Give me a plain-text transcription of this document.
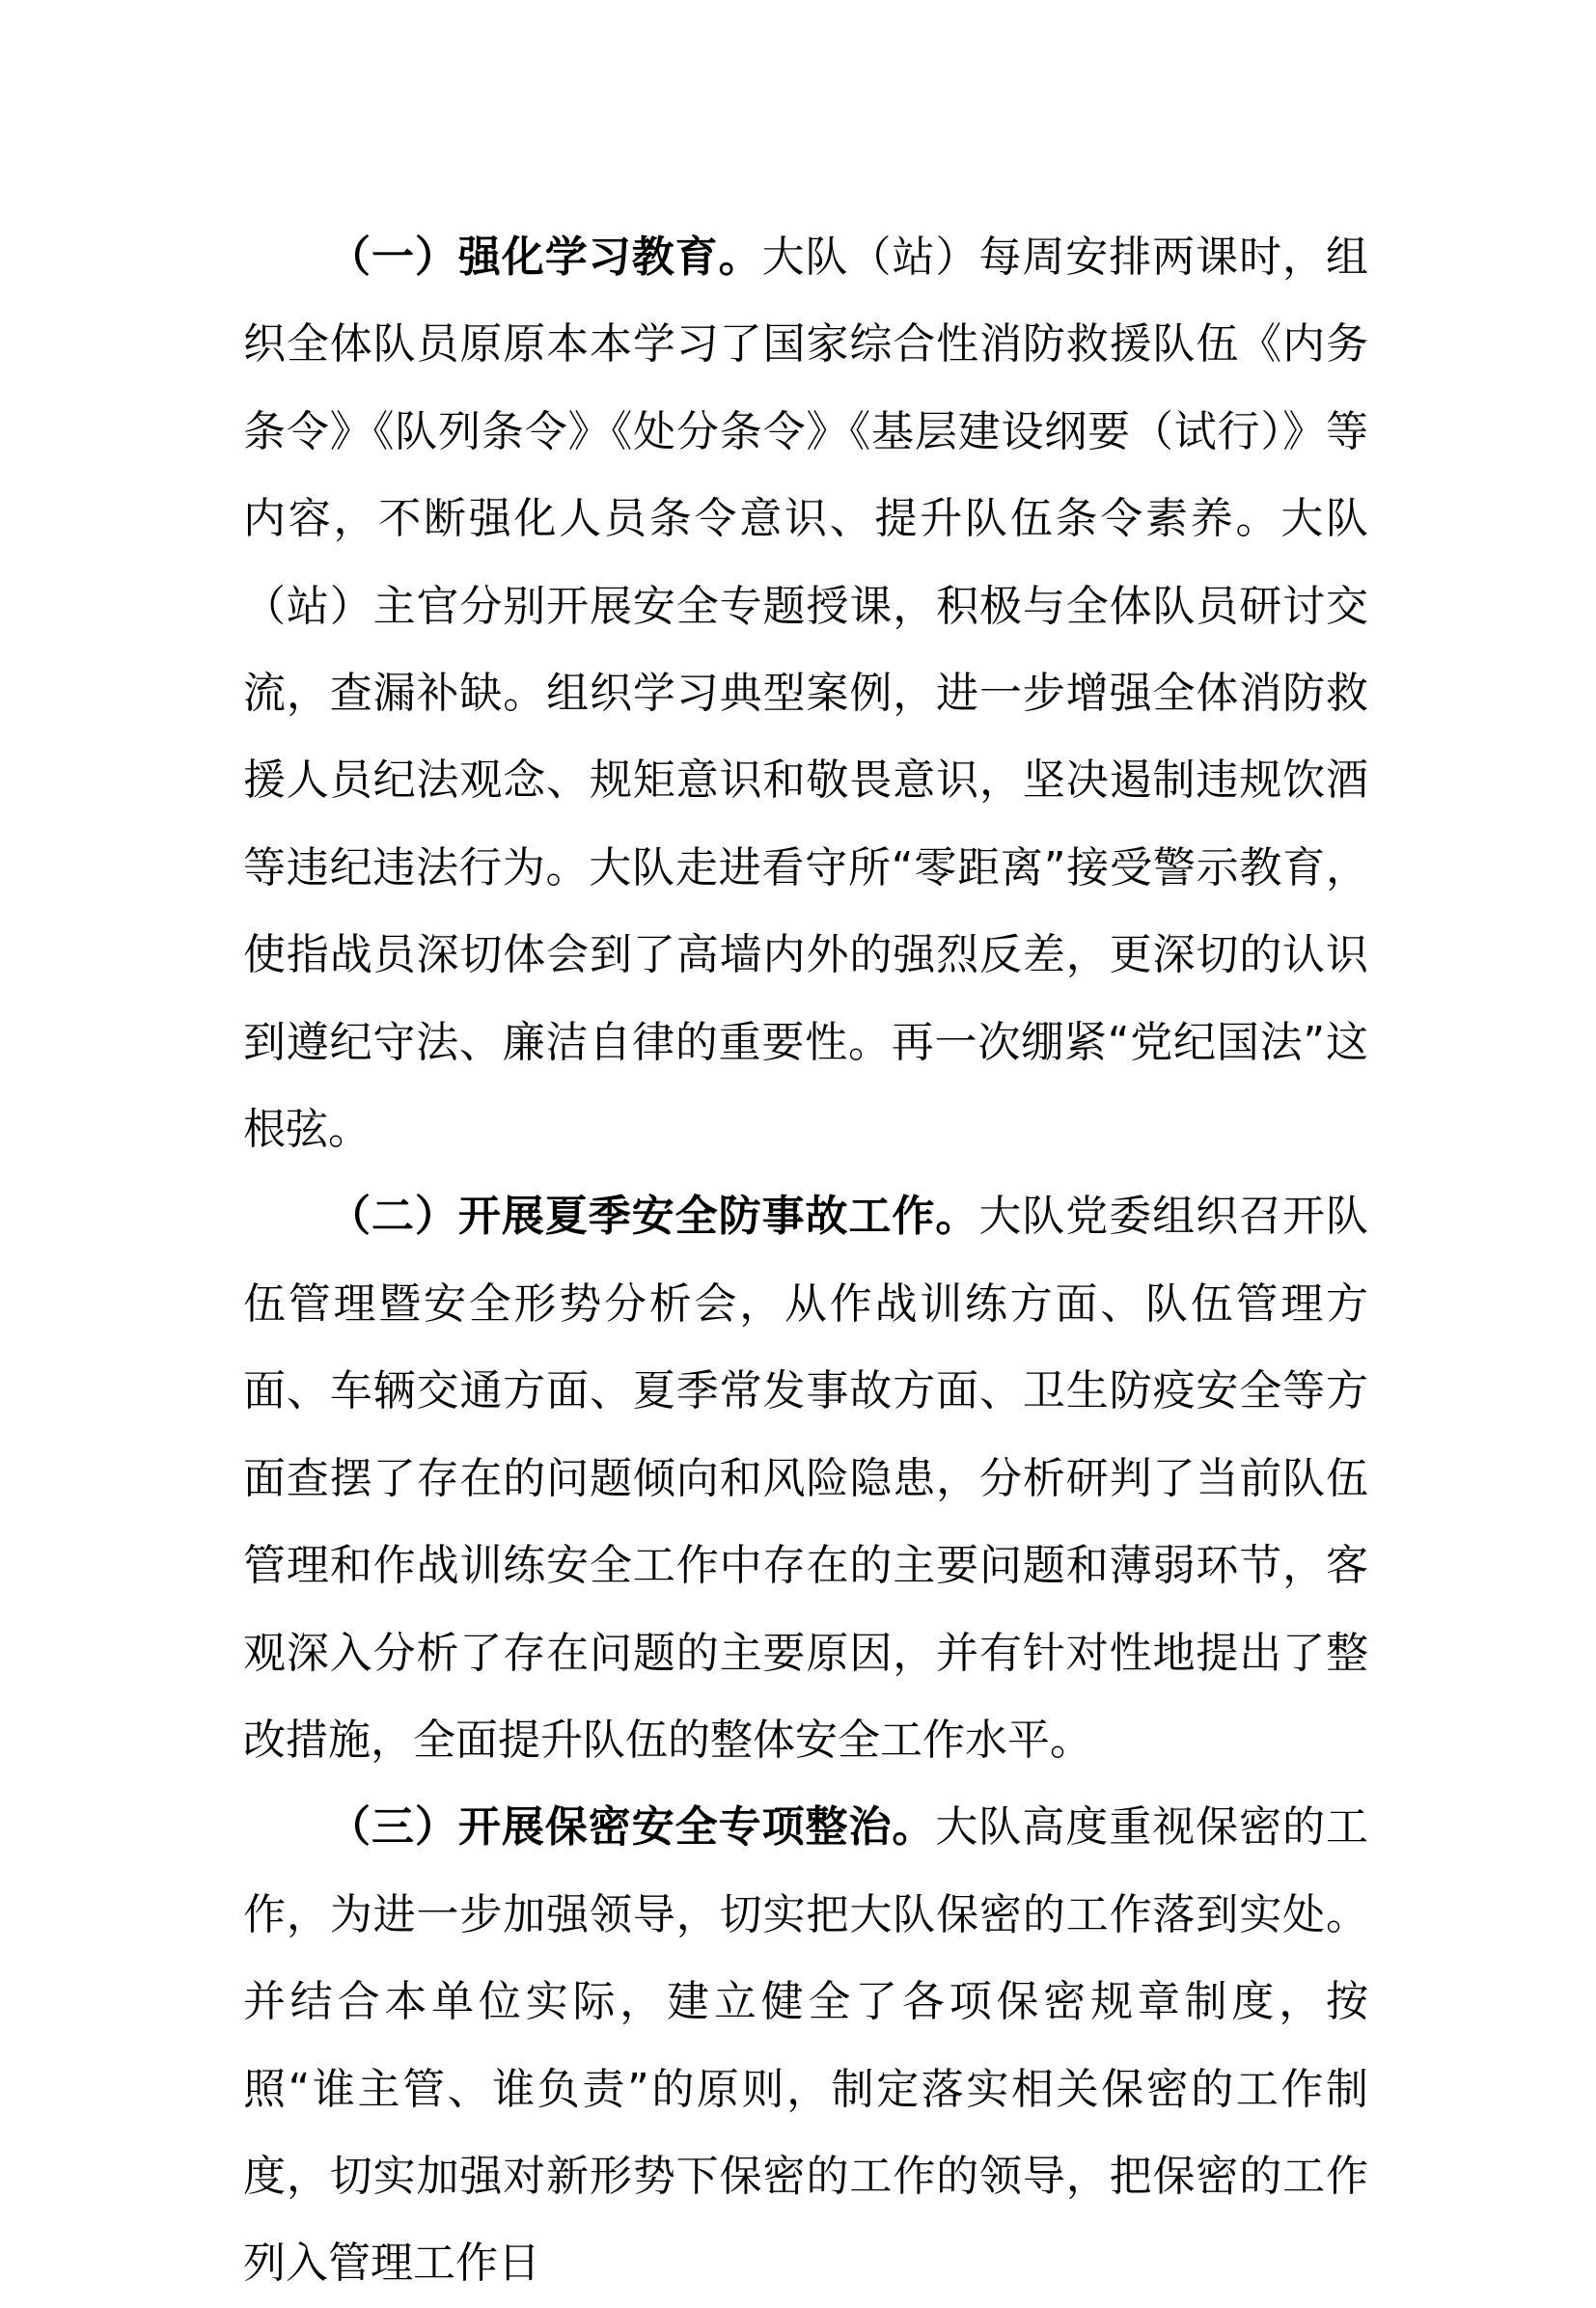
（一）强化学习教育。大队（站）每周安排两课时，组织全体队员原原本本学习了国家综合性消防救援队伍《内务条令》《队列条令》《处分条令》《基层建设纲要（试行）》等内容，不断强化人员条令意识、提升队伍条令素养。大队（站）主官分别开展安全专题授课，积极与全体队员研讨交流，查漏补缺。组织学习典型案例，进一步增强全体消防救援人员纪法观念、规矩意识和敬畏意识，坚决遏制违规饮酒等违纪违法行为。大队走进看守所“零距离”接受警示教育，使指战员深切体会到了高墙内外的强烈反差，更深切的认识到遵纪守法、廉洁自律的重要性。再一次绷紧“党纪国法”这根弦。

（二）开展夏季安全防事故工作。大队党委组织召开队伍管理暨安全形势分析会，从作战训练方面、队伍管理方面、车辆交通方面、夏季常发事故方面、卫生防疫安全等方面查摆了存在的问题倾向和风险隐患，分析研判了当前队伍管理和作战训练安全工作中存在的主要问题和薄弱环节，客观深入分析了存在问题的主要原因，并有针对性地提出了整改措施，全面提升队伍的整体安全工作水平。

（三）开展保密安全专项整治。大队高度重视保密的工作，为进一步加强领导，切实把大队保密的工作落到实处。并结合本单位实际，建立健全了各项保密规章制度，按照“谁主管、谁负责”的原则，制定落实相关保密的工作制度，切实加强对新形势下保密的工作的领导，把保密的工作列入管理工作日
